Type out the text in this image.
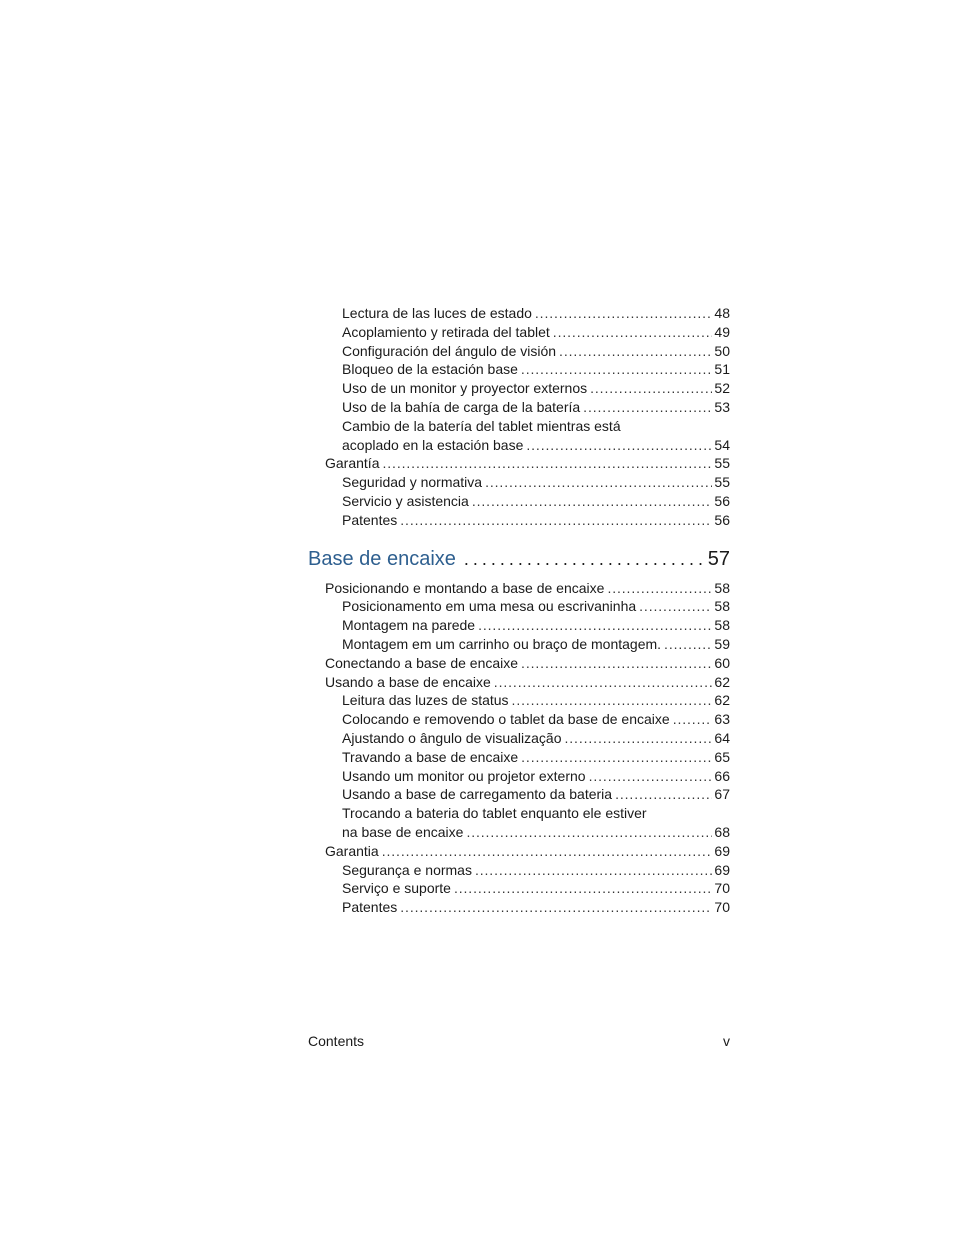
Lectura de las luces de estado . . .	48
Acoplamiento y retirada del tablet . . .	49
Configuración del ángulo de visión . . .	50
Bloqueo de la estación base . . .	51
Uso de un monitor y proyector externos . . .	52
Uso de la bahía de carga de la batería . . .	53
Cambio de la batería del tablet mientras está
acoplado en la estación base . . .	54
Garantía . . .	55
Seguridad y normativa . . .	55
Servicio y asistencia . . .	56
Patentes . . .	56
Base de encaixe . . .	57
Posicionando e montando a base de encaixe . . .	58
Posicionamento em uma mesa ou escrivaninha . . .	58
Montagem na parede . . .	58
Montagem em um carrinho ou braço de montagem. . . .	59
Conectando a base de encaixe . . .	60
Usando a base de encaixe . . .	62
Leitura das luzes de status . . .	62
Colocando e removendo o tablet da base de encaixe . . .	63
Ajustando o ângulo de visualização . . .	64
Travando a base de encaixe . . .	65
Usando um monitor ou projetor externo . . .	66
Usando a base de carregamento da bateria . . .	67
Trocando a bateria do tablet enquanto ele estiver
na base de encaixe . . .	68
Garantia . . .	69
Segurança e normas . . .	69
Serviço e suporte . . .	70
Patentes . . .	70
Contents	v
